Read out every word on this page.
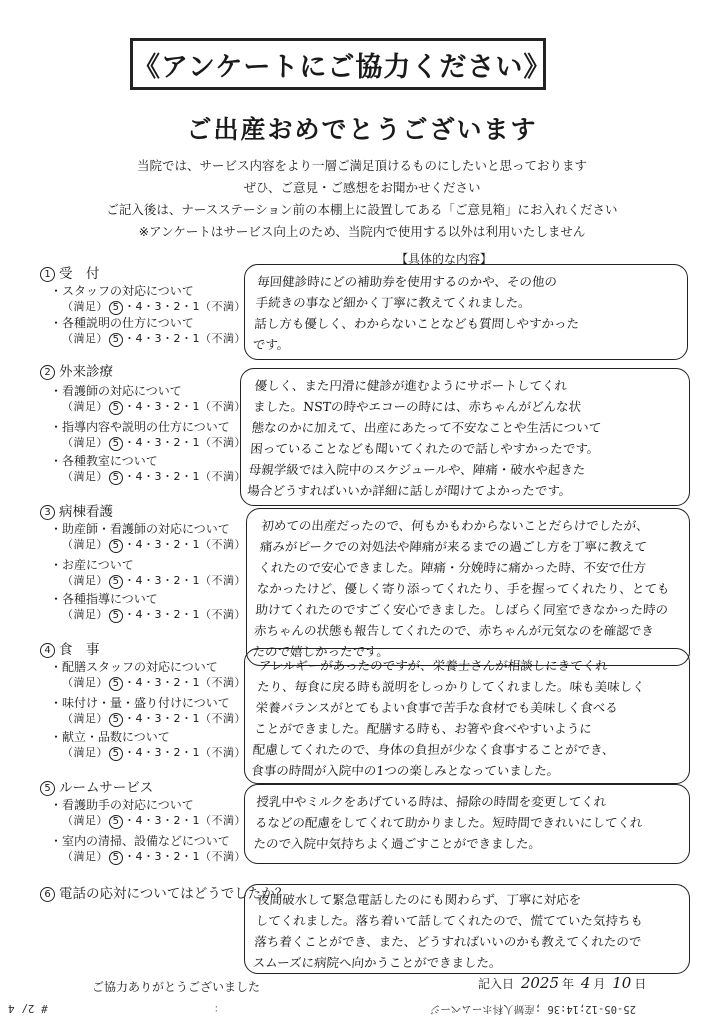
《アンケートにご協力ください》
ご出産おめでとうございます
当院では、サービス内容をより一層ご満足頂けるものにしたいと思っております
ぜひ、ご意見・ご感想をお聞かせください
ご記入後は、ナースステーション前の本棚上に設置してある「ご意見箱」にお入れください
※アンケートはサービス向上のため、当院内で使用する以外は利用いたしません
【具体的な内容】
1 受　付
・スタッフの対応について
（満足） 5 ・4・3・2・1（不満）
・各種説明の仕方について
（満足） 5 ・4・3・2・1（不満）
毎回健診時にどの補助券を使用するのかや、その他の
手続きの事など細かく丁寧に教えてくれました。
話し方も優しく、わからないことなども質問しやすかった
です。
2 外来診療
・看護師の対応について
（満足） 5 ・4・3・2・1（不満）
・指導内容や説明の仕方について
（満足） 5 ・4・3・2・1（不満）
・各種教室について
（満足） 5 ・4・3・2・1（不満）
優しく、また円滑に健診が進むようにサポートしてくれ
ました。NSTの時やエコーの時には、赤ちゃんがどんな状
態なのかに加えて、出産にあたって不安なことや生活について
困っていることなども聞いてくれたので話しやすかったです。
母親学級では入院中のスケジュールや、陣痛・破水や起きた
場合どうすればいいか詳細に話しが聞けてよかったです。
3 病棟看護
・助産師・看護師の対応について
（満足） 5 ・4・3・2・1（不満）
・お産について
（満足） 5 ・4・3・2・1（不満）
・各種指導について
（満足） 5 ・4・3・2・1（不満）
初めての出産だったので、何もかもわからないことだらけでしたが、
痛みがピークでの対処法や陣痛が来るまでの過ごし方を丁寧に教えて
くれたので安心できました。陣痛・分娩時に痛かった時、不安で仕方
なかったけど、優しく寄り添ってくれたり、手を握ってくれたり、とても
助けてくれたのですごく安心できました。しばらく同室できなかった時の
赤ちゃんの状態も報告してくれたので、赤ちゃんが元気なのを確認でき
たので嬉しかったです。
4 食　事
・配膳スタッフの対応について
（満足） 5 ・4・3・2・1（不満）
・味付け・量・盛り付けについて
（満足） 5 ・4・3・2・1（不満）
・献立・品数について
（満足） 5 ・4・3・2・1（不満）
アレルギーがあったのですが、栄養士さんが相談しにきてくれ
たり、毎食に戻る時も説明をしっかりしてくれました。味も美味しく
栄養バランスがとてもよい食事で苦手な食材でも美味しく食べる
ことができました。配膳する時も、お箸や食べやすいように
配慮してくれたので、身体の負担が少なく食事することができ、
食事の時間が入院中の1つの楽しみとなっていました。
5 ルームサービス
・看護助手の対応について
（満足） 5 ・4・3・2・1（不満）
・室内の清掃、設備などについて
（満足） 5 ・4・3・2・1（不満）
授乳中やミルクをあげている時は、掃除の時間を変更してくれ
るなどの配慮をしてくれて助かりました。短時間できれいにしてくれ
たので入院中気持ちよく過ごすことができました。
6 電話の応対についてはどうでしたか？
夜間破水して緊急電話したのにも関わらず、丁寧に対応を
してくれました。落ち着いて話してくれたので、慌てていた気持ちも
落ち着くことができ、また、どうすればいいのかも教えてくれたので
スムーズに病院へ向かうことができました。
ご協力ありがとうございました	記入日 2025 年 4 月 10 日
：	25-05-12;14:36 ;産婦人科ホームページ
# 2/ 4
